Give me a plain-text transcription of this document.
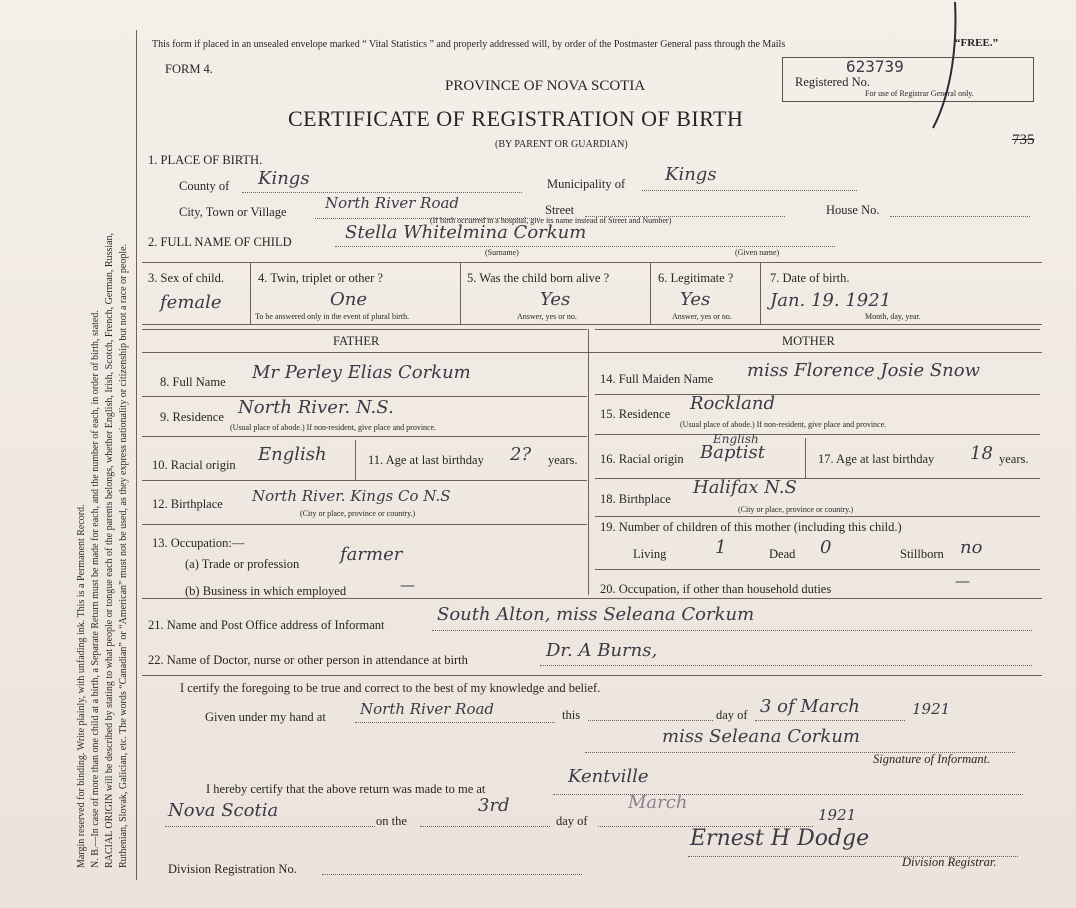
Margin reserved for binding. Write plainly, with unfading ink. This is a Permanent Record. N. B.—In case of more than one child at a birth, a Separate Return must be made for each, and the number of each, in order of birth, stated. RACIAL ORIGIN will be described by stating to what people or tongue each of the parents belongs, whether English, Irish, Scotch, French, German, Russian, Ruthenian, Slovak, Galician, etc. The words “Canadian” or “American” must not be used, as they express nationality or citizenship but not a race or people.
This form if placed in an unsealed envelope marked “ Vital Statistics ” and properly addressed will, by order of the Postmaster General pass through the Mails	“FREE.”
FORM 4.
PROVINCE OF NOVA SCOTIA
CERTIFICATE OF REGISTRATION OF BIRTH
(BY PARENT OR GUARDIAN)
623739
Registered No.
For use of Registrar General only.
735
1. PLACE OF BIRTH.
County of Kings	Municipality of Kings
City, Town or Village	North River Road	Street	House No.
(If birth occurred in a hospital, give its name instead of Street and Number)
2. FULL NAME OF CHILD	Stella Whitelmina Corkum
(Surname)	(Given name)
3. Sex of child.
female
4. Twin, triplet or other ?
One
To be answered only in the event of plural birth.
5. Was the child born alive ?
Yes
Answer, yes or no.
6. Legitimate ?
Yes
Answer, yes or no.
7. Date of birth.
Jan. 19. 1921
Month, day, year.
FATHER	MOTHER
8. Full Name Mr Perley Elias Corkum
9. Residence North River. N.S.
(Usual place of abode.) If non-resident, give place and province.
10. Racial origin English	11. Age at last birthday 2? years.
12. Birthplace North River. Kings Co N.S
(City or place, province or country.)
13. Occupation:—
(a) Trade or profession farmer
(b) Business in which employed	—
14. Full Maiden Name miss Florence Josie Snow
15. Residence Rockland
(Usual place of abode.) If non-resident, give place and province.
16. Racial origin
English
Baptist	17. Age at last birthday 18 years.
18. Birthplace
Halifax N.S
(City or place, province or country.)
19. Number of children of this mother (including this child.)
Living	1	Dead 0	Stillborn no
20. Occupation, if other than household duties	—
21. Name and Post Office address of Informant	South Alton, miss Seleana Corkum
22. Name of Doctor, nurse or other person in attendance at birth	Dr. A Burns,
I certify the foregoing to be true and correct to the best of my knowledge and belief.
Given under my hand at North River Road	this	day of 3 of March	1921
miss Seleana Corkum
Signature of Informant.
I hereby certify that the above return was made to me at
Kentville
Nova Scotia	on the
3rd
day of
March
1921
Ernest H Dodge
Division Registrar.
Division Registration No.
